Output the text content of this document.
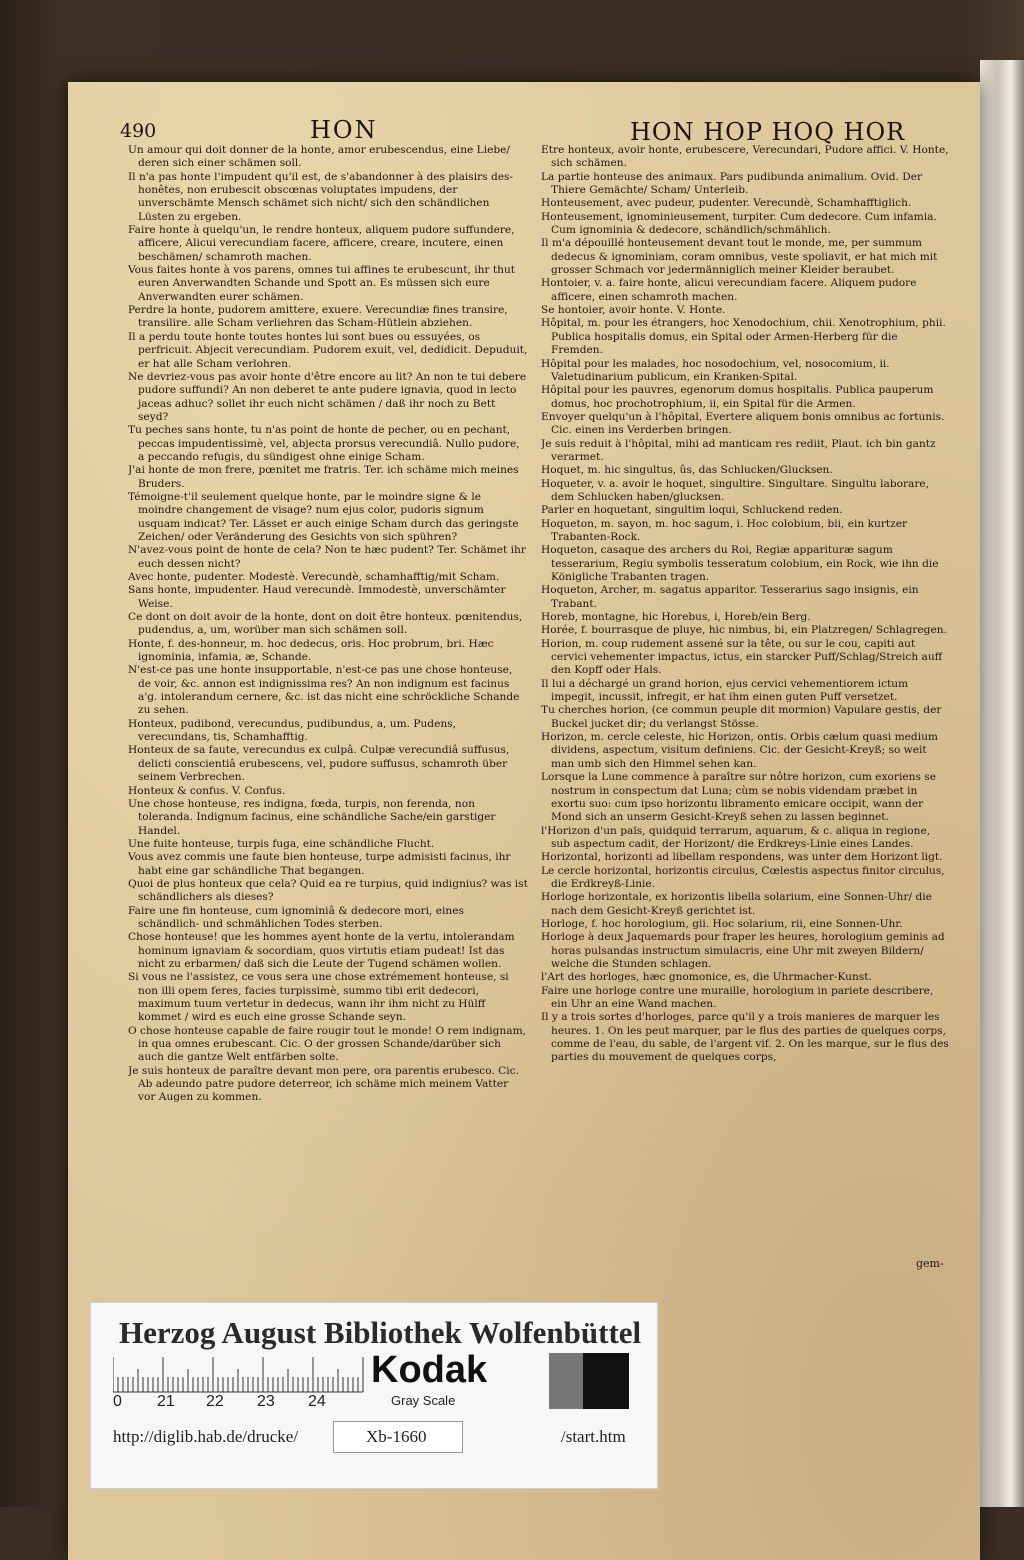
490	HON	HON HOP HOQ HOR
Un amour qui doit donner de la honte, amor erubescendus, eine Liebe/ deren sich einer schämen soll.
Il n'a pas honte l'impudent qu'il est, de s'abandonner à des plaisirs des-honêtes, non erubescit obscœnas voluptates impudens, der unverschämte Mensch schämet sich nicht/ sich den schändlichen Lüsten zu ergeben.
Faire honte à quelqu'un, le rendre honteux, aliquem pudore suffundere, afficere, Alicui verecundiam facere, afficere, creare, incutere, einen beschämen/ schamroth machen.
Vous faites honte à vos parens, omnes tui affines te erubescunt, ihr thut euren Anverwandten Schande und Spott an. Es müssen sich eure Anverwandten eurer schämen.
Perdre la honte, pudorem amittere, exuere. Verecundiæ fines transire, transilire. alle Scham verliehren das Scham-Hütlein abziehen.
Il a perdu toute honte toutes hontes lui sont bues ou essuyées, os perfricuit. Abjecit verecundiam. Pudorem exuit, vel, dedidicit. Depuduit, er hat alle Scham verlohren.
Ne devriez-vous pas avoir honte d'être encore au lit? An non te tui debere pudore suffundi? An non deberet te ante pudere ignavia, quod in lecto jaceas adhuc? sollet ihr euch nicht schämen / daß ihr noch zu Bett seyd?
Tu peches sans honte, tu n'as point de honte de pecher, ou en pechant, peccas impudentissimè, vel, abjecta prorsus verecundiâ. Nullo pudore, a peccando refugis, du sündigest ohne einige Scham.
J'ai honte de mon frere, pœnitet me fratris. Ter. ich schäme mich meines Bruders.
Témoigne-t'il seulement quelque honte, par le moindre signe & le moindre changement de visage? num ejus color, pudoris signum usquam indicat? Ter. Lässet er auch einige Scham durch das geringste Zeichen/ oder Veränderung des Gesichts von sich spühren?
N'avez-vous point de honte de cela? Non te hæc pudent? Ter. Schämet ihr euch dessen nicht?
Avec honte, pudenter. Modestè. Verecundè, schamhafftig/mit Scham.
Sans honte, impudenter. Haud verecundè. Immodestè, unverschämter Weise.
Ce dont on doit avoir de la honte, dont on doit être honteux. pœnitendus, pudendus, a, um, worüber man sich schämen soll.
Honte, f. des-honneur, m. hoc dedecus, oris. Hoc probrum, bri. Hæc ignominia, infamia, æ, Schande.
N'est-ce pas une honte insupportable, n'est-ce pas une chose honteuse, de voir, &c. annon est indignissima res? An non indignum est facinus a'g. intolerandum cernere, &c. ist das nicht eine schröckliche Schande zu sehen.
Honteux, pudibond, verecundus, pudibundus, a, um. Pudens, verecundans, tis, Schamhafftig.
Honteux de sa faute, verecundus ex culpâ. Culpæ verecundiâ suffusus, delicti conscientiâ erubescens, vel, pudore suffusus, schamroth über seinem Verbrechen.
Honteux & confus. V. Confus.
Une chose honteuse, res indigna, fœda, turpis, non ferenda, non toleranda. Indignum facinus, eine schändliche Sache/ein garstiger Handel.
Une fuite honteuse, turpis fuga, eine schändliche Flucht.
Vous avez commis une faute bien honteuse, turpe admisisti facinus, ihr habt eine gar schändliche That begangen.
Quoi de plus honteux que cela? Quid ea re turpius, quid indignius? was ist schändlichers als dieses?
Faire une fin honteuse, cum ignominiâ & dedecore mori, eines schändlich- und schmählichen Todes sterben.
Chose honteuse! que les hommes ayent honte de la vertu, intolerandam hominum ignaviam & socordiam, quos virtutis etiam pudeat! Ist das nicht zu erbarmen/ daß sich die Leute der Tugend schämen wollen.
Si vous ne l'assistez, ce vous sera une chose extrémement honteuse, si non illi opem feres, facies turpissimè, summo tibi erit dedecori, maximum tuum vertetur in dedecus, wann ihr ihm nicht zu Hülff kommet / wird es euch eine grosse Schande seyn.
O chose honteuse capable de faire rougir tout le monde! O rem indignam, in qua omnes erubescant. Cic. O der grossen Schande/darüber sich auch die gantze Welt entfärben solte.
Je suis honteux de paraître devant mon pere, ora parentis erubesco. Cic. Ab adeundo patre pudore deterreor, ich schäme mich meinem Vatter vor Augen zu kommen.
Etre honteux, avoir honte, erubescere, Verecundari, Pudore affici. V. Honte, sich schämen.
La partie honteuse des animaux. Pars pudibunda animalium. Ovid. Der Thiere Gemächte/ Scham/ Unterleib.
Honteusement, avec pudeur, pudenter. Verecundè, Schamhafftiglich.
Honteusement, ignominieusement, turpiter. Cum dedecore. Cum infamia. Cum ignominia & dedecore, schändlich/schmählich.
Il m'a dépouillé honteusement devant tout le monde, me, per summum dedecus & ignominiam, coram omnibus, veste spoliavit, er hat mich mit grosser Schmach vor jedermänniglich meiner Kleider beraubet.
Hontoier, v. a. faire honte, alicui verecundiam facere. Aliquem pudore afficere, einen schamroth machen.
Se hontoier, avoir honte. V. Honte.
Hôpital, m. pour les étrangers, hoc Xenodochium, chii. Xenotrophium, phii. Publica hospitalis domus, ein Spital oder Armen-Herberg für die Fremden.
Hôpital pour les malades, hoc nosodochium, vel, nosocomium, ii. Valetudinarium publicum, ein Kranken-Spital.
Hôpital pour les pauvres, egenorum domus hospitalis. Publica pauperum domus, hoc prochotrophium, ii, ein Spital für die Armen.
Envoyer quelqu'un à l'hôpital, Evertere aliquem bonis omnibus ac fortunis. Cic. einen ins Verderben bringen.
Je suis reduit à l'hôpital, mihi ad manticam res rediit, Plaut. ich bin gantz verarmet.
Hoquet, m. hic singultus, ûs, das Schlucken/Glucksen.
Hoqueter, v. a. avoir le hoquet, singultire. Singultare. Singultu laborare, dem Schlucken haben/glucksen.
Parler en hoquetant, singultim loqui, Schluckend reden.
Hoqueton, m. sayon, m. hoc sagum, i. Hoc colobium, bii, ein kurtzer Trabanten-Rock.
Hoqueton, casaque des archers du Roi, Regiæ apparituræ sagum tesserarium, Regiu symbolis tesseratum colobium, ein Rock, wie ihn die Königliche Trabanten tragen.
Hoqueton, Archer, m. sagatus apparitor. Tesserarius sago insignis, ein Trabant.
Horeb, montagne, hic Horebus, i, Horeb/ein Berg.
Horée, f. bourrasque de pluye, hic nimbus, bi, ein Platzregen/ Schlagregen.
Horion, m. coup rudement assené sur la tête, ou sur le cou, capiti aut cervici vehementer impactus, ictus, ein starcker Puff/Schlag/Streich auff den Kopff oder Hals.
Il lui a déchargé un grand horion, ejus cervici vehementiorem ictum impegit, incussit, infregit, er hat ihm einen guten Puff versetzet.
Tu cherches horion, (ce commun peuple dit mormion) Vapulare gestis, der Buckel jucket dir; du verlangst Stösse.
Horizon, m. cercle celeste, hic Horizon, ontis. Orbis cælum quasi medium dividens, aspectum, visitum definiens. Cic. der Gesicht-Kreyß; so weit man umb sich den Himmel sehen kan.
Lorsque la Lune commence à paraître sur nôtre horizon, cum exoriens se nostrum in conspectum dat Luna; cùm se nobis videndam præbet in exortu suo: cum ipso horizontu libramento emicare occipit, wann der Mond sich an unserm Gesicht-Kreyß sehen zu lassen beginnet.
l'Horizon d'un païs, quidquid terrarum, aquarum, & c. aliqua in regione, sub aspectum cadit, der Horizont/ die Erdkreys-Linie eines Landes.
Horizontal, horizonti ad libellam respondens, was unter dem Horizont ligt.
Le cercle horizontal, horizontis circulus, Cœlestis aspectus finitor circulus, die Erdkreyß-Linie.
Horloge horizontale, ex horizontis libella solarium, eine Sonnen-Uhr/ die nach dem Gesicht-Kreyß gerichtet ist.
Horloge, f. hoc horologium, gii. Hoc solarium, rii, eine Sonnen-Uhr.
Horloge à deux Jaquemards pour fraper les heures, horologium geminis ad horas pulsandas instructum simulacris, eine Uhr mit zweyen Bildern/ welche die Stunden schlagen.
l'Art des horloges, hæc gnomonice, es, die Uhrmacher-Kunst.
Faire une horloge contre une muraille, horologium in pariete describere, ein Uhr an eine Wand machen.
Il y a trois sortes d'horloges, parce qu'il y a trois manieres de marquer les heures. 1. On les peut marquer, par le flus des parties de quelques corps, comme de l'eau, du sable, de l'argent vif. 2. On les marque, sur le flus des parties du mouvement de quelques corps,
gem-
Herzog August Bibliothek Wolfenbüttel
0 21 22 23 24
Kodak
Gray Scale
http://diglib.hab.de/drucke/	Xb-1660	/start.htm
